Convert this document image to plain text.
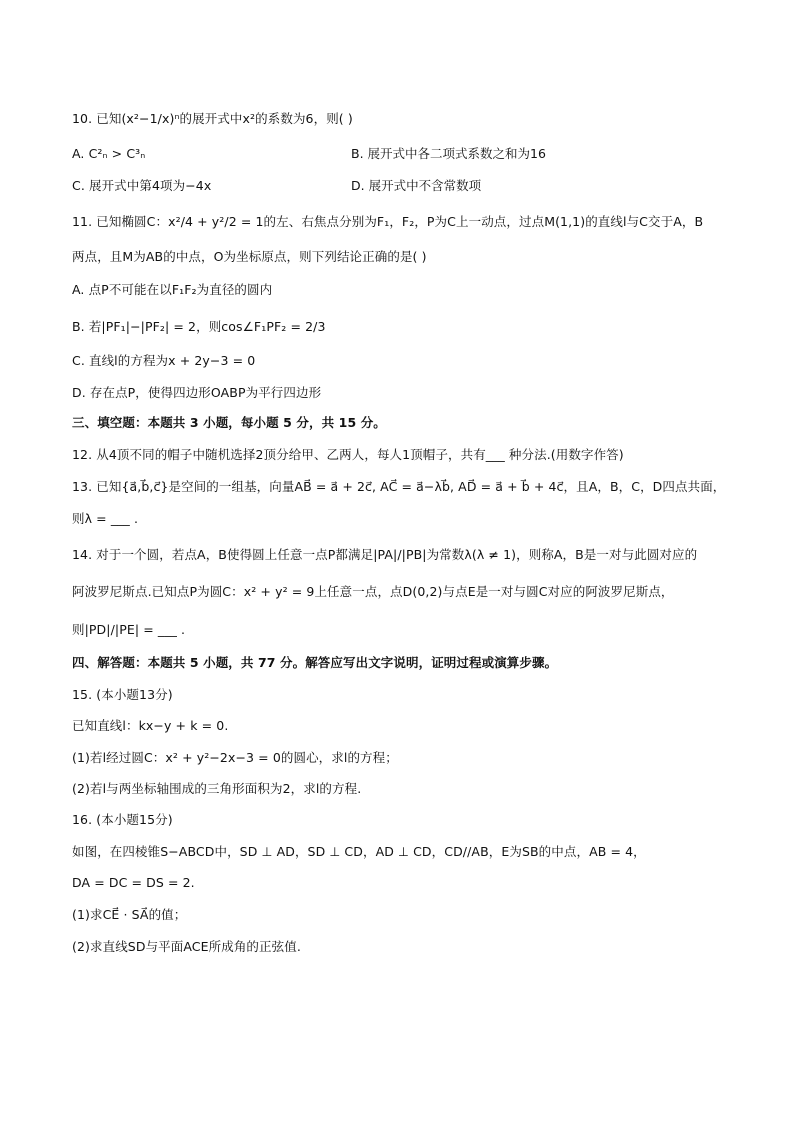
10. 已知(x²−1/x)ⁿ的展开式中x²的系数为6，则( )
A. C²ₙ > C³ₙ	B. 展开式中各二项式系数之和为16
C. 展开式中第4项为−4x	D. 展开式中不含常数项
11. 已知椭圆C：x²/4 + y²/2 = 1的左、右焦点分别为F₁，F₂，P为C上一动点，过点M(1,1)的直线l与C交于A，B
两点，且M为AB的中点，O为坐标原点，则下列结论正确的是( )
A. 点P不可能在以F₁F₂为直径的圆内
B. 若|PF₁|−|PF₂| = 2，则cos∠F₁PF₂ = 2/3
C. 直线l的方程为x + 2y−3 = 0
D. 存在点P，使得四边形OABP为平行四边形
三、填空题：本题共 3 小题，每小题 5 分，共 15 分。
12. 从4顶不同的帽子中随机选择2顶分给甲、乙两人，每人1顶帽子，共有___ 种分法.(用数字作答)
13. 已知{a⃗,b⃗,c⃗}是空间的一组基，向量AB⃗ = a⃗ + 2c⃗, AC⃗ = a⃗−λb⃗, AD⃗ = a⃗ + b⃗ + 4c⃗，且A，B，C，D四点共面，
则λ = ___ .
14. 对于一个圆，若点A，B使得圆上任意一点P都满足|PA|/|PB|为常数λ(λ ≠ 1)，则称A，B是一对与此圆对应的
阿波罗尼斯点.已知点P为圆C：x² + y² = 9上任意一点，点D(0,2)与点E是一对与圆C对应的阿波罗尼斯点，
则|PD|/|PE| = ___ .
四、解答题：本题共 5 小题，共 77 分。解答应写出文字说明，证明过程或演算步骤。
15. (本小题13分)
已知直线l：kx−y + k = 0.
(1)若l经过圆C：x² + y²−2x−3 = 0的圆心，求l的方程；
(2)若l与两坐标轴围成的三角形面积为2，求l的方程.
16. (本小题15分)
如图，在四棱锥S−ABCD中，SD ⊥ AD，SD ⊥ CD，AD ⊥ CD，CD//AB，E为SB的中点，AB = 4，
DA = DC = DS = 2.
(1)求CE⃗ · SA⃗的值；
(2)求直线SD与平面ACE所成角的正弦值.
